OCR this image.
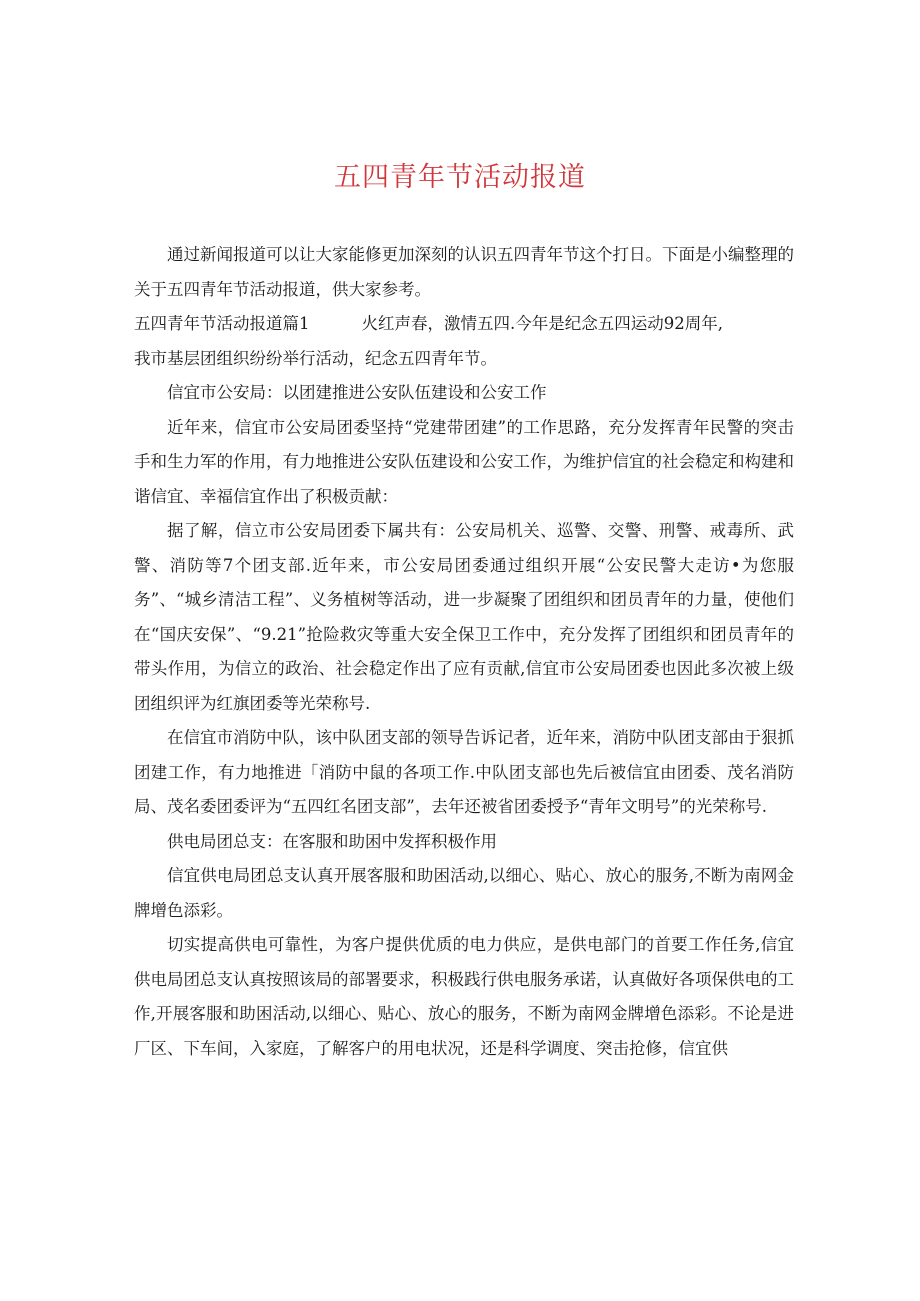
五四青年节活动报道

通过新闻报道可以让大家能修更加深刻的认识五四青年节这个打日。下面是小编整理的关于五四青年节活动报道，供大家参考。

五四青年节活动报道篇1	火红声春，激情五四.今年是纪念五四运动92周年,

我市基层团组织纷纷举行活动，纪念五四青年节。

信宜市公安局：以团建推进公安队伍建设和公安工作

近年来，信宜市公安局团委坚持“党建带团建”的工作思路，充分发挥青年民警的突击手和生力军的作用，有力地推进公安队伍建设和公安工作，为维护信宜的社会稳定和构建和谐信宜、幸福信宜作出了积极贡献：

据了解，信立市公安局团委下属共有：公安局机关、巡警、交警、刑警、戒毒所、武警、消防等7个团支部.近年来，市公安局团委通过组织开展“公安民警大走访•为您服务”、“城乡清洁工程”、义务植树等活动，进一步凝聚了团组织和团员青年的力量，使他们在“国庆安保”、“9.21”抢险救灾等重大安全保卫工作中，充分发挥了团组织和团员青年的带头作用，为信立的政治、社会稳定作出了应有贡献,信宜市公安局团委也因此多次被上级团组织评为红旗团委等光荣称号.

在信宜市消防中队，该中队团支部的领导告诉记者，近年来，消防中队团支部由于狠抓团建工作，有力地推进「消防中鼠的各项工作.中队团支部也先后被信宜由团委、茂名消防局、茂名委团委评为“五四红名团支部”，去年还被省团委授予“青年文明号”的光荣称号.

供电局团总支：在客服和助困中发挥积极作用

信宜供电局团总支认真开展客服和助困活动,以细心、贴心、放心的服务,不断为南网金牌增色添彩。

切实提高供电可靠性，为客户提供优质的电力供应，是供电部门的首要工作任务,信宜供电局团总支认真按照该局的部署要求，积极践行供电服务承诺，认真做好各项保供电的工作,开展客服和助困活动,以细心、贴心、放心的服务，不断为南网金牌增色添彩。不论是进厂区、下车间，入家庭，了解客户的用电状况，还是科学调度、突击抢修，信宜供
